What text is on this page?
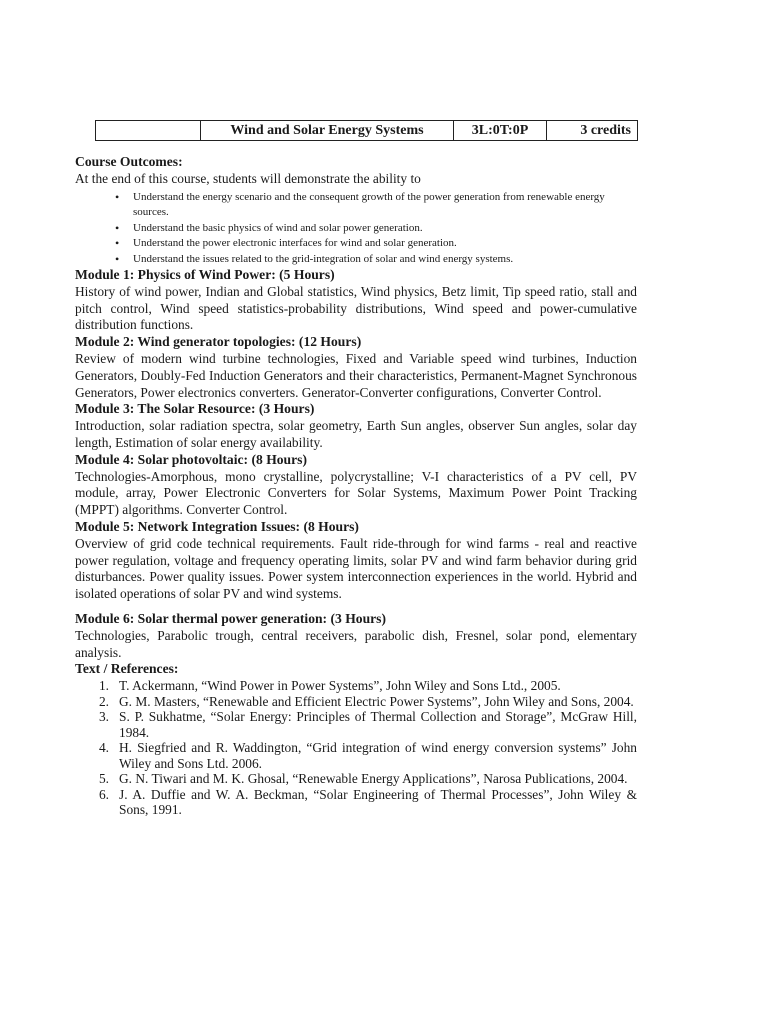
	Wind and Solar Energy Systems	3L:0T:0P	3 credits
Course Outcomes:
At the end of this course, students will demonstrate the ability to
• Understand the energy scenario and the consequent growth of the power generation from renewable energy sources.
• Understand the basic physics of wind and solar power generation.
• Understand the power electronic interfaces for wind and solar generation.
• Understand the issues related to the grid-integration of solar and wind energy systems.
Module 1: Physics of Wind Power: (5 Hours)
History of wind power, Indian and Global statistics, Wind physics, Betz limit, Tip speed ratio, stall and pitch control, Wind speed statistics-probability distributions, Wind speed and power-cumulative distribution functions.
Module 2: Wind generator topologies: (12 Hours)
Review of modern wind turbine technologies, Fixed and Variable speed wind turbines, Induction Generators, Doubly-Fed Induction Generators and their characteristics, Permanent-Magnet Synchronous Generators, Power electronics converters. Generator-Converter configurations, Converter Control.
Module 3: The Solar Resource: (3 Hours)
Introduction, solar radiation spectra, solar geometry, Earth Sun angles, observer Sun angles, solar day length, Estimation of solar energy availability.
Module 4: Solar photovoltaic: (8 Hours)
Technologies-Amorphous, mono crystalline, polycrystalline; V-I characteristics of a PV cell, PV module, array, Power Electronic Converters for Solar Systems, Maximum Power Point Tracking (MPPT) algorithms. Converter Control.
Module 5: Network Integration Issues: (8 Hours)
Overview of grid code technical requirements. Fault ride-through for wind farms - real and reactive power regulation, voltage and frequency operating limits, solar PV and wind farm behavior during grid disturbances. Power quality issues. Power system interconnection experiences in the world. Hybrid and isolated operations of solar PV and wind systems.
Module 6: Solar thermal power generation: (3 Hours)
Technologies, Parabolic trough, central receivers, parabolic dish, Fresnel, solar pond, elementary analysis.
Text / References:
1. T. Ackermann, “Wind Power in Power Systems”, John Wiley and Sons Ltd., 2005.
2. G. M. Masters, “Renewable and Efficient Electric Power Systems”, John Wiley and Sons, 2004.
3. S. P. Sukhatme, “Solar Energy: Principles of Thermal Collection and Storage”, McGraw Hill, 1984.
4. H. Siegfried and R. Waddington, “Grid integration of wind energy conversion systems” John Wiley and Sons Ltd. 2006.
5. G. N. Tiwari and M. K. Ghosal, “Renewable Energy Applications”, Narosa Publications, 2004.
6. J. A. Duffie and W. A. Beckman, “Solar Engineering of Thermal Processes”, John Wiley & Sons, 1991.
